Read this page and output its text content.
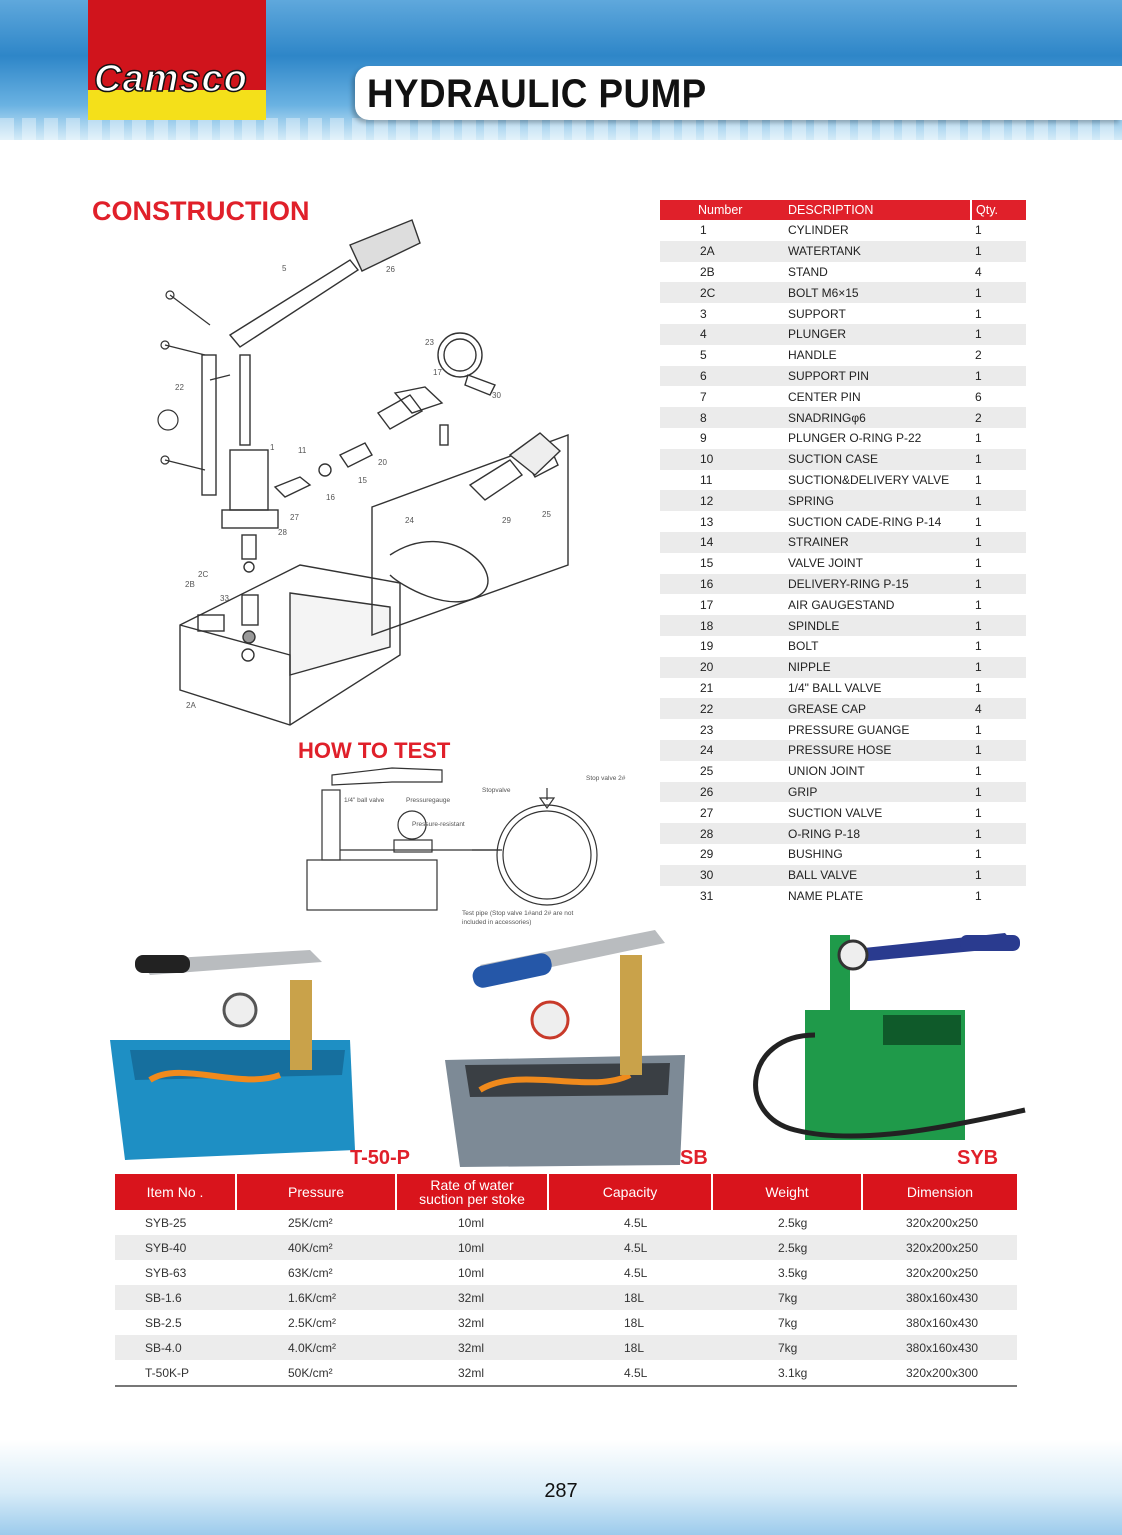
Camsco	HYDRAULIC PUMP
CONSTRUCTION
5	26
22
23
17
30
1	11
20
15
16
24	29
25
27
28
2B
2C
2A
33
HOW TO TEST
1/4" ball valve	Pressuregauge
Stopvalve
Stop valve 2#
Pressure-resistant
Test pipe (Stop valve 1#and 2# are not
included in accessories)
Number	DESCRIPTION	Qty.
1	CYLINDER	1
2A	WATERTANK	1
2B	STAND	4
2C	BOLT M6×15	1
3	SUPPORT	1
4	PLUNGER	1
5	HANDLE	2
6	SUPPORT PIN	1
7	CENTER PIN	6
8	SNADRINGφ6	2
9	PLUNGER O-RING P-22	1
10	SUCTION CASE	1
11	SUCTION&DELIVERY VALVE	1
12	SPRING	1
13	SUCTION CADE-RING P-14	1
14	STRAINER	1
15	VALVE JOINT	1
16	DELIVERY-RING P-15	1
17	AIR GAUGESTAND	1
18	SPINDLE	1
19	BOLT	1
20	NIPPLE	1
21	1/4" BALL VALVE	1
22	GREASE CAP	4
23	PRESSURE GUANGE	1
24	PRESSURE HOSE	1
25	UNION JOINT	1
26	GRIP	1
27	SUCTION VALVE	1
28	O-RING P-18	1
29	BUSHING	1
30	BALL VALVE	1
31	NAME PLATE	1
T-50-P	SB	SYB
Item No .	Pressure	Rate of water
suction per stoke	Capacity	Weight	Dimension
SYB-25	25K/cm²	10ml	4.5L	2.5kg	320x200x250
SYB-40	40K/cm²	10ml	4.5L	2.5kg	320x200x250
SYB-63	63K/cm²	10ml	4.5L	3.5kg	320x200x250
SB-1.6	1.6K/cm²	32ml	18L	7kg	380x160x430
SB-2.5	2.5K/cm²	32ml	18L	7kg	380x160x430
SB-4.0	4.0K/cm²	32ml	18L	7kg	380x160x430
T-50K-P	50K/cm²	32ml	4.5L	3.1kg	320x200x300
287
